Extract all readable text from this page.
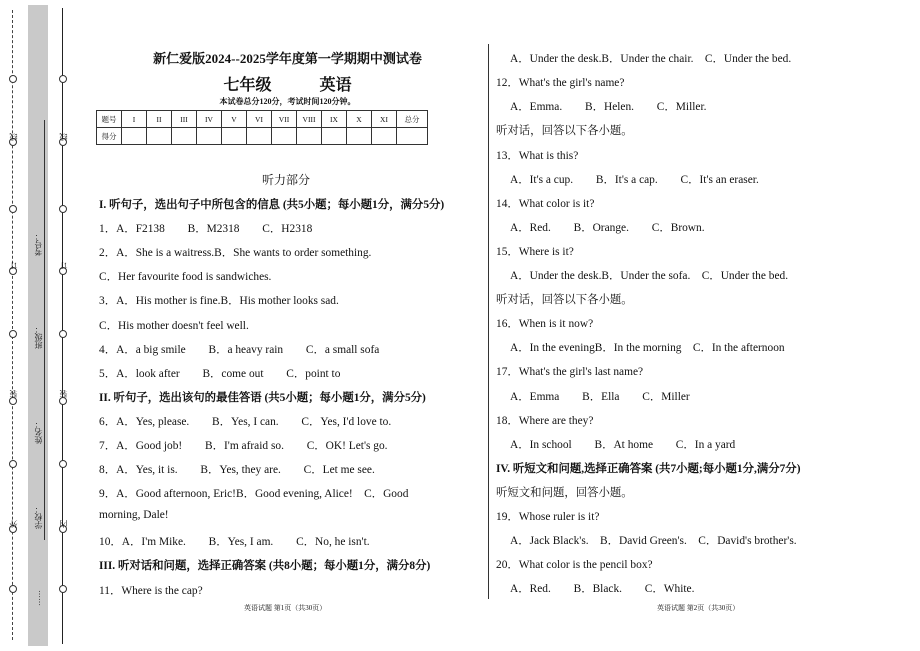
外
装
订
线
内
装
订
线
学校：
姓名：
班级：
考号：
……
新仁爱版2024--2025学年度第一学期期中测试卷
七年级	英语
本试卷总分120分，考试时间120分钟。
题号	I	II	III	IV	V	VI	VII	VIII	IX	X	XI	总分
得分												
听力部分
I. 听句子，选出句子中所包含的信息 (共5小题；每小题1分，满分5分)
1．A．F2138　　B．M2318　　C．H2318
2．A．She is a waitress.B．She wants to order something.
C．Her favourite food is sandwiches.
3．A．His mother is fine.B．His mother looks sad.
C．His mother doesn't feel well.
4．A．a big smile　　B．a heavy rain　　C．a small sofa
5．A．look after　　B．come out　　C．point to
II. 听句子，选出该句的最佳答语 (共5小题；每小题1分，满分5分)
6．A．Yes, please.　　B．Yes, I can.　　C．Yes, I'd love to.
7．A．Good job!　　B．I'm afraid so.　　C．OK! Let's go.
8．A．Yes, it is.　　B．Yes, they are.　　C．Let me see.
9．A．Good afternoon, Eric!B．Good evening, Alice!　C．Good
morning, Dale!
10．A．I'm Mike.　　B．Yes, I am.　　C．No, he isn't.
III. 听对话和问题，选择正确答案 (共8小题；每小题1分，满分8分)
11．Where is the cap?
英语试题 第1页（共30页）
A．Under the desk.B．Under the chair.　C．Under the bed.
12．What's the girl's name?
A．Emma.　　B．Helen.　　C．Miller.
听对话，回答以下各小题。
13．What is this?
A．It's a cup.　　B．It's a cap.　　C．It's an eraser.
14．What color is it?
A．Red.　　B．Orange.　　C．Brown.
15．Where is it?
A．Under the desk.B．Under the sofa.　C．Under the bed.
听对话，回答以下各小题。
16．When is it now?
A．In the eveningB．In the morning　C．In the afternoon
17．What's the girl's last name?
A．Emma　　B．Ella　　C．Miller
18．Where are they?
A．In school　　B．At home　　C．In a yard
IV. 听短文和问题,选择正确答案 (共7小题;每小题1分,满分7分)
听短文和问题，回答小题。
19．Whose ruler is it?
A．Jack Black's.　B．David Green's.　C．David's brother's.
20．What color is the pencil box?
A．Red.　　B．Black.　　C．White.
英语试题 第2页（共30页）
